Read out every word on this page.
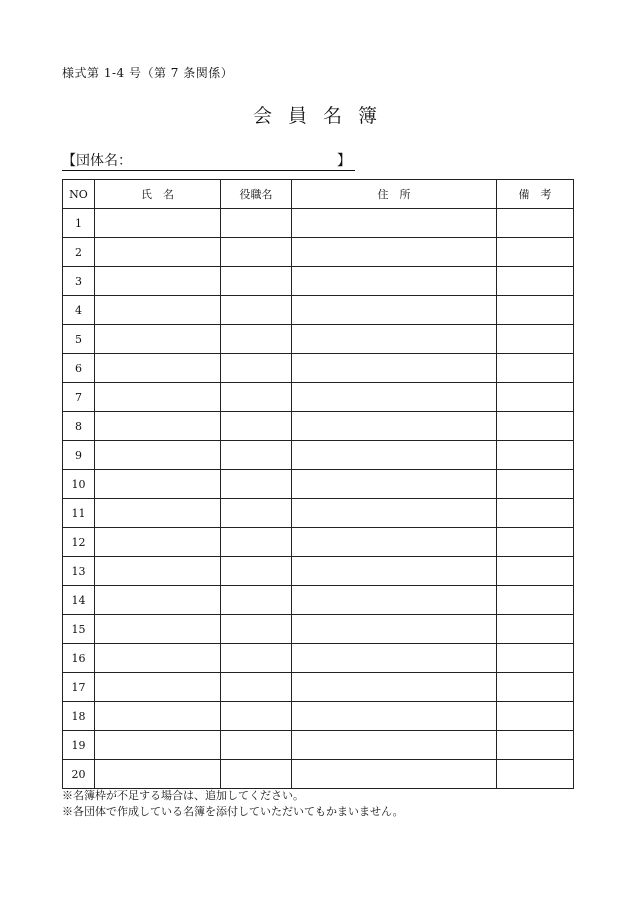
様式第 1-4 号（第 7 条関係）
会員名簿
【団体名：	】
NO	氏　名	役職名	住　所	備　考
1				
2				
3				
4				
5				
6				
7				
8				
9				
10				
11				
12				
13				
14				
15				
16				
17				
18				
19				
20				
※名簿枠が不足する場合は、追加してください。
※各団体で作成している名簿を添付していただいてもかまいません。
